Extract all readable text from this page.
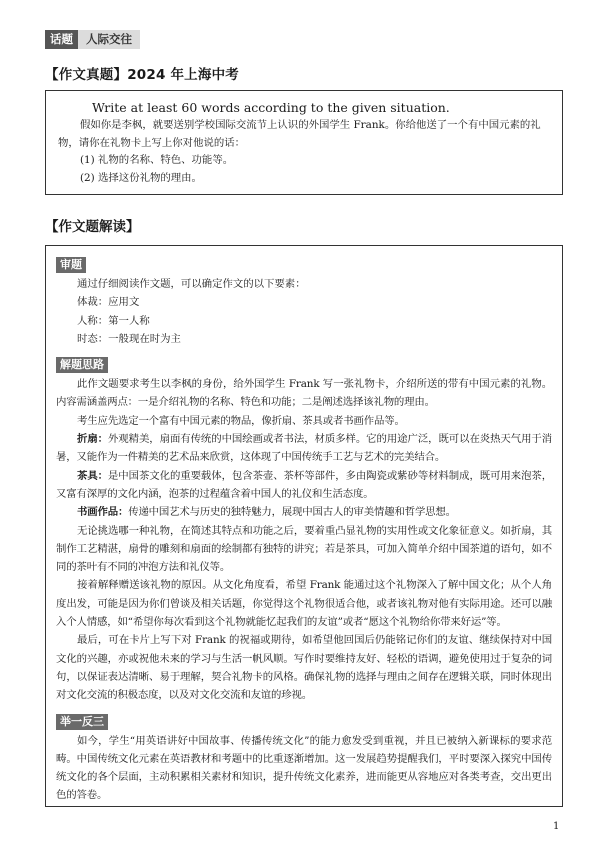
话题	人际交往
【作文真题】2024 年上海中考
Write at least 60 words according to the given situation.
假如你是李枫，就要送别学校国际交流节上认识的外国学生 Frank。你给他送了一个有中国元素的礼物，请你在礼物卡上写上你对他说的话：
(1) 礼物的名称、特色、功能等。
(2) 选择这份礼物的理由。
【作文题解读】
审题
通过仔细阅读作文题，可以确定作文的以下要素：
体裁：应用文
人称：第一人称
时态：一般现在时为主
解题思路
此作文题要求考生以李枫的身份，给外国学生 Frank 写一张礼物卡，介绍所送的带有中国元素的礼物。内容需涵盖两点：一是介绍礼物的名称、特色和功能；二是阐述选择该礼物的理由。
考生应先选定一个富有中国元素的物品，像折扇、茶具或者书画作品等。
折扇：外观精美，扇面有传统的中国绘画或者书法，材质多样。它的用途广泛，既可以在炎热天气用于消暑，又能作为一件精美的艺术品来欣赏，这体现了中国传统手工艺与艺术的完美结合。
茶具：是中国茶文化的重要载体，包含茶壶、茶杯等部件，多由陶瓷或紫砂等材料制成，既可用来泡茶，又富有深厚的文化内涵，泡茶的过程蕴含着中国人的礼仪和生活态度。
书画作品：传递中国艺术与历史的独特魅力，展现中国古人的审美情趣和哲学思想。
无论挑选哪一种礼物，在简述其特点和功能之后，要着重凸显礼物的实用性或文化象征意义。如折扇，其制作工艺精湛，扇骨的雕刻和扇面的绘制都有独特的讲究；若是茶具，可加入简单介绍中国茶道的语句，如不同的茶叶有不同的冲泡方法和礼仪等。
接着解释赠送该礼物的原因。从文化角度看，希望 Frank 能通过这个礼物深入了解中国文化；从个人角度出发，可能是因为你们曾谈及相关话题，你觉得这个礼物很适合他，或者该礼物对他有实际用途。还可以融入个人情感，如“希望你每次看到这个礼物就能忆起我们的友谊”或者“愿这个礼物给你带来好运”等。
最后，可在卡片上写下对 Frank 的祝福或期待，如希望他回国后仍能铭记你们的友谊、继续保持对中国文化的兴趣，亦或祝他未来的学习与生活一帆风顺。写作时要维持友好、轻松的语调，避免使用过于复杂的词句，以保证表达清晰、易于理解，契合礼物卡的风格。确保礼物的选择与理由之间存在逻辑关联，同时体现出对文化交流的积极态度，以及对文化交流和友谊的珍视。
举一反三
如今，学生“用英语讲好中国故事、传播传统文化”的能力愈发受到重视，并且已被纳入新课标的要求范畴。中国传统文化元素在英语教材和考题中的比重逐渐增加。这一发展趋势提醒我们，平时要深入探究中国传统文化的各个层面，主动积累相关素材和知识，提升传统文化素养，进而能更从容地应对各类考查，交出更出色的答卷。
1
